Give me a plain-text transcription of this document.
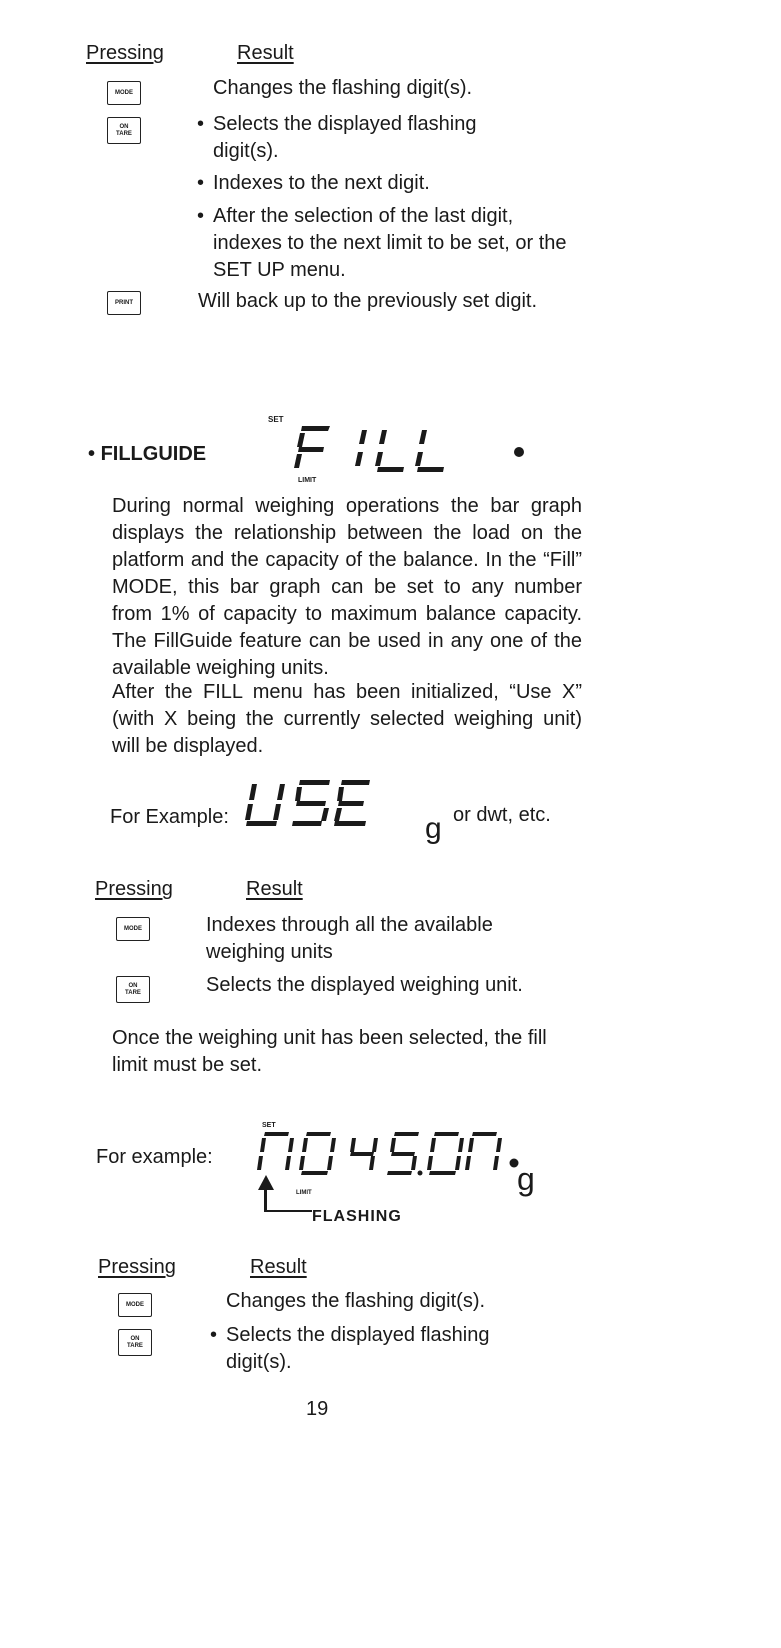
Pressing	Result
MODE	Changes the flashing digit(s).
ON
TARE	• Selects the displayed flashing digit(s).
• Indexes to the next digit.
• After the selection of the last digit, indexes to the next limit to be set, or the SET UP menu.
PRINT	Will back up to the previously set digit.
• FILLGUIDE
SET
LIMIT
During normal weighing operations the bar graph displays the relationship between the load on the platform and the capacity of the balance. In the “Fill” MODE, this bar graph can be set to any number from 1% of capacity to maximum balance capacity. The FillGuide feature can be used in any one of the available weighing units.
After the FILL menu has been initialized, “Use X” (with X being the currently selected weighing unit) will be displayed.
For Example:	g or dwt, etc.
Pressing	Result
MODE	Indexes through all the available weighing units
ON
TARE	Selects the displayed weighing unit.
Once the weighing unit has been selected, the fill limit must be set.
For example:
SET
g
LIMIT
FLASHING
Pressing	Result
MODE	Changes the flashing digit(s).
ON
TARE	• Selects the displayed flashing digit(s).
19
